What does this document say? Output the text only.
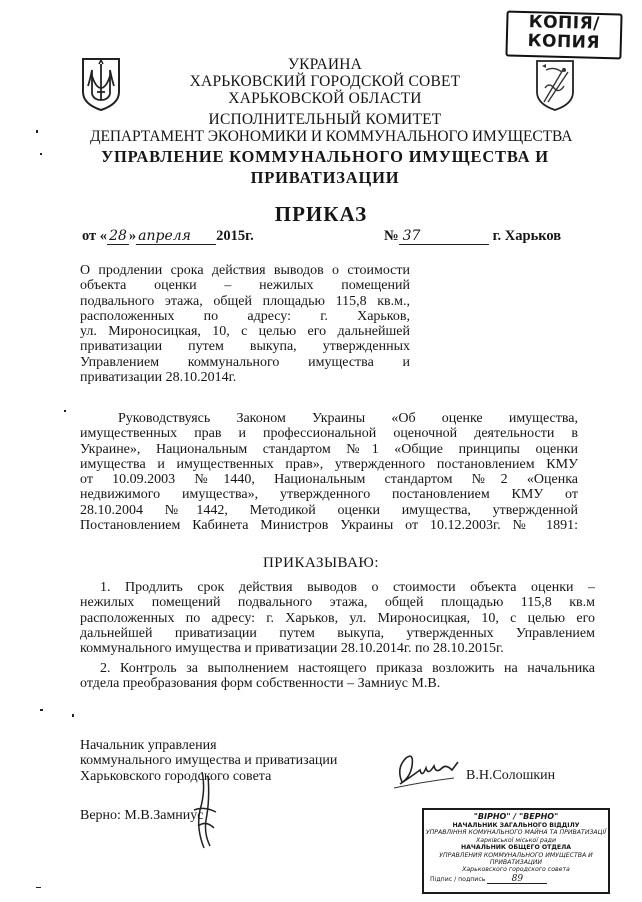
КОПІЯ/
КОПИЯ
УКРАИНА
ХАРЬКОВСКИЙ ГОРОДСКОЙ СОВЕТ
ХАРЬКОВСКОЙ ОБЛАСТИ
ИСПОЛНИТЕЛЬНЫЙ КОМИТЕТ
ДЕПАРТАМЕНТ ЭКОНОМИКИ И КОММУНАЛЬНОГО ИМУЩЕСТВА
УПРАВЛЕНИЕ КОММУНАЛЬНОГО ИМУЩЕСТВА И
ПРИВАТИЗАЦИИ
ПРИКАЗ
от « 28 » апреля 2015г.	№ 37	г. Харьков
О продлении срока действия выводов о стоимости
объекта оценки – нежилых помещений
подвального этажа, общей площадью 115,8 кв.м.,
расположенных по адресу: г. Харьков,
ул. Мироносицкая, 10, с целью его дальнейшей
приватизации путем выкупа, утвержденных
Управлением коммунального имущества и
приватизации 28.10.2014г.
Руководствуясь Законом Украины «Об оценке имущества,
имущественных прав и профессиональной оценочной деятельности в
Украине», Национальным стандартом №1 «Общие принципы оценки
имущества и имущественных прав», утвержденного постановлением КМУ
от 10.09.2003 №1440, Национальным стандартом №2 «Оценка
недвижимого имущества», утвержденного постановлением КМУ от
28.10.2004 №1442, Методикой оценки имущества, утвержденной
Постановлением Кабинета Министров Украины от 10.12.2003г. № 1891:
ПРИКАЗЫВАЮ:
1. Продлить срок действия выводов о стоимости объекта оценки –
нежилых помещений подвального этажа, общей площадью 115,8 кв.м
расположенных по адресу: г. Харьков, ул. Мироносицкая, 10, с целью его
дальнейшей приватизации путем выкупа, утвержденных Управлением
коммунального имущества и приватизации 28.10.2014г. по 28.10.2015г.
2. Контроль за выполнением настоящего приказа возложить на начальника
отдела преобразования форм собственности – Замниус М.В.
Начальник управления
коммунального имущества и приватизации
Харьковского городского совета	В.Н.Солошкин
Верно: М.В.Замниус	"ВІРНО" / "ВЕРНО"
НАЧАЛЬНИК ЗАГАЛЬНОГО ВІДДІЛУ
УПРАВЛІННЯ КОМУНАЛЬНОГО МАЙНА ТА ПРИВАТИЗАЦІЇ
Харківської міської ради
НАЧАЛЬНИК ОБЩЕГО ОТДЕЛА
УПРАВЛЕНИЯ КОММУНАЛЬНОГО ИМУЩЕСТВА И ПРИВАТИЗАЦИИ
Харьковского городского совета
Підпис / подпись	89
